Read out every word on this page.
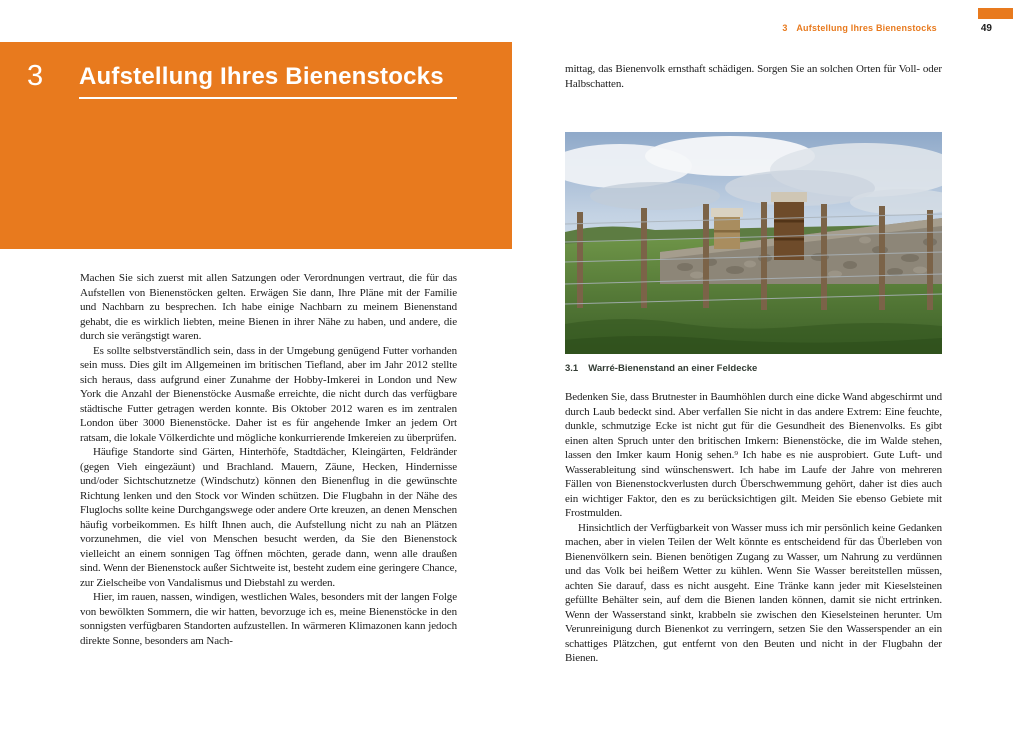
3 Aufstellung Ihres Bienenstocks	49
3 Aufstellung Ihres Bienenstocks

Machen Sie sich zuerst mit allen Satzungen oder Verordnungen vertraut, die für das Aufstellen von Bienenstöcken gelten. Erwägen Sie dann, Ihre Pläne mit der Familie und Nachbarn zu besprechen. Ich habe einige Nachbarn zu meinem Bienenstand gehabt, die es wirklich liebten, meine Bienen in ihrer Nähe zu haben, und andere, die durch sie verängstigt waren.

Es sollte selbstverständlich sein, dass in der Umgebung genügend Futter vorhanden sein muss. Dies gilt im Allgemeinen im britischen Tiefland, aber im Jahr 2012 stellte sich heraus, dass aufgrund einer Zunahme der Hobby-Imkerei in London und New York die Anzahl der Bienenstöcke Ausmaße erreichte, die nicht durch das verfügbare städtische Futter getragen werden konnte. Bis Oktober 2012 waren es im zentralen London über 3000 Bienenstöcke. Daher ist es für angehende Imker an jedem Ort ratsam, die lokale Völkerdichte und mögliche konkurrierende Imkereien zu überprüfen.

Häufige Standorte sind Gärten, Hinterhöfe, Stadtdächer, Kleingärten, Feldränder (gegen Vieh eingezäunt) und Brachland. Mauern, Zäune, Hecken, Hindernisse und/oder Sichtschutznetze (Windschutz) können den Bienenflug in die gewünschte Richtung lenken und den Stock vor Winden schützen. Die Flugbahn in der Nähe des Fluglochs sollte keine Durchgangswege oder andere Orte kreuzen, an denen Menschen häufig vorbeikommen. Es hilft Ihnen auch, die Aufstellung nicht zu nah an Plätzen vorzunehmen, die viel von Menschen besucht werden, da Sie den Bienenstock vielleicht an einem sonnigen Tag öffnen möchten, gerade dann, wenn alle draußen sind. Wenn der Bienenstock außer Sichtweite ist, besteht zudem eine geringere Chance, zur Zielscheibe von Vandalismus und Diebstahl zu werden.

Hier, im rauen, nassen, windigen, westlichen Wales, besonders mit der langen Folge von bewölkten Sommern, die wir hatten, bevorzuge ich es, meine Bienenstöcke in den sonnigsten verfügbaren Standorten aufzustellen. In wärmeren Klimazonen kann jedoch direkte Sonne, besonders am Nach-

mittag, das Bienenvolk ernsthaft schädigen. Sorgen Sie an solchen Orten für Voll- oder Halbschatten.

3.1 Warré-Bienenstand an einer Feldecke

Bedenken Sie, dass Brutnester in Baumhöhlen durch eine dicke Wand abgeschirmt und durch Laub bedeckt sind. Aber verfallen Sie nicht in das andere Extrem: Eine feuchte, dunkle, schmutzige Ecke ist nicht gut für die Gesundheit des Bienenvolks. Es gibt einen alten Spruch unter den britischen Imkern: Bienenstöcke, die im Walde stehen, lassen den Imker kaum Honig sehen.⁹ Ich habe es nie ausprobiert. Gute Luft- und Wasserableitung sind wünschenswert. Ich habe im Laufe der Jahre von mehreren Fällen von Bienenstockverlusten durch Überschwemmung gehört, daher ist dies auch ein wichtiger Faktor, den es zu berücksichtigen gilt. Meiden Sie ebenso Gebiete mit Frostmulden.

Hinsichtlich der Verfügbarkeit von Wasser muss ich mir persönlich keine Gedanken machen, aber in vielen Teilen der Welt könnte es entscheidend für das Überleben von Bienenvölkern sein. Bienen benötigen Zugang zu Wasser, um Nahrung zu verdünnen und das Volk bei heißem Wetter zu kühlen. Wenn Sie Wasser bereitstellen müssen, achten Sie darauf, dass es nicht ausgeht. Eine Tränke kann jeder mit Kieselsteinen gefüllte Behälter sein, auf dem die Bienen landen können, damit sie nicht ertrinken. Wenn der Wasserstand sinkt, krabbeln sie zwischen den Kieselsteinen herunter. Um Verunreinigung durch Bienenkot zu verringern, setzen Sie den Wasserspender an ein schattiges Plätzchen, gut entfernt von den Beuten und nicht in der Flugbahn der Bienen.
